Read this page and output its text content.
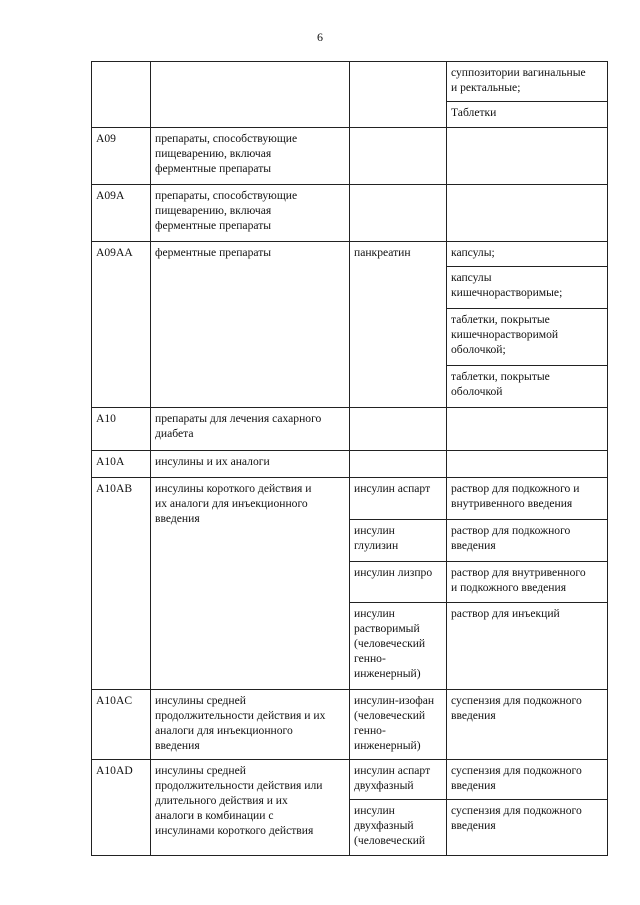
6
			суппозитории вагинальные
и ректальные;
			Таблетки
A09	препараты, способствующие
пищеварению, включая
ферментные препараты		
A09A	препараты, способствующие
пищеварению, включая
ферментные препараты		
A09AA	ферментные препараты	панкреатин	капсулы;
			капсулы
кишечнорастворимые;
			таблетки, покрытые
кишечнорастворимой
оболочкой;
			таблетки, покрытые
оболочкой
A10	препараты для лечения сахарного
диабета		
A10A	инсулины и их аналоги		
A10AB	инсулины короткого действия и
их аналоги для инъекционного
введения	инсулин аспарт	раствор для подкожного и
внутривенного введения
		инсулин
глулизин	раствор для подкожного
введения
		инсулин лизпро	раствор для внутривенного
и подкожного введения
		инсулин
растворимый
(человеческий
генно-
инженерный)	раствор для инъекций
A10AC	инсулины средней
продолжительности действия и их
аналоги для инъекционного
введения	инсулин-изофан
(человеческий
генно-
инженерный)	суспензия для подкожного
введения
A10AD	инсулины средней
продолжительности действия или
длительного действия и их
аналоги в комбинации с
инсулинами короткого действия	инсулин аспарт
двухфазный	суспензия для подкожного
введения
		инсулин
двухфазный
(человеческий	суспензия для подкожного
введения
